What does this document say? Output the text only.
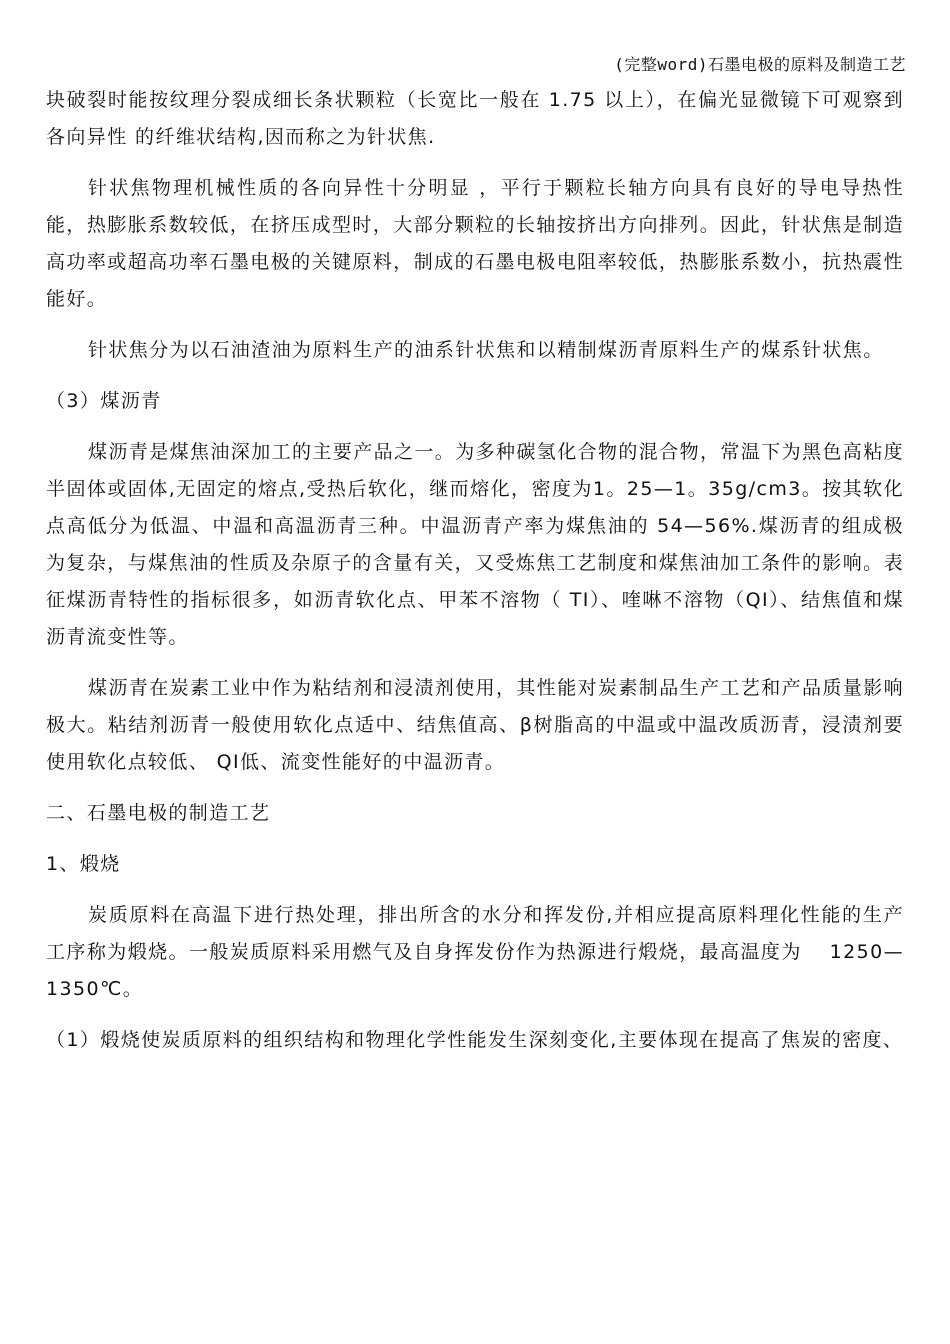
(完整word)石墨电极的原料及制造工艺

块破裂时能按纹理分裂成细长条状颗粒（长宽比一般在 1.75 以上），在偏光显微镜下可观察到各向异性 的纤维状结构,因而称之为针状焦.

针状焦物理机械性质的各向异性十分明显 ，平行于颗粒长轴方向具有良好的导电导热性能，热膨胀系数较低，在挤压成型时，大部分颗粒的长轴按挤出方向排列。因此，针状焦是制造高功率或超高功率石墨电极的关键原料，制成的石墨电极电阻率较低，热膨胀系数小，抗热震性能好。

针状焦分为以石油渣油为原料生产的油系针状焦和以精制煤沥青原料生产的煤系针状焦。

（3）煤沥青

煤沥青是煤焦油深加工的主要产品之一。为多种碳氢化合物的混合物，常温下为黑色高粘度半固体或固体,无固定的熔点,受热后软化，继而熔化，密度为1。25—1。35g/cm3。按其软化点高低分为低温、中温和高温沥青三种。中温沥青产率为煤焦油的 54—56%.煤沥青的组成极为复杂，与煤焦油的性质及杂原子的含量有关，又受炼焦工艺制度和煤焦油加工条件的影响。表征煤沥青特性的指标很多，如沥青软化点、甲苯不溶物（ TI）、喹啉不溶物（QI）、结焦值和煤沥青流变性等。

煤沥青在炭素工业中作为粘结剂和浸渍剂使用，其性能对炭素制品生产工艺和产品质量影响极大。粘结剂沥青一般使用软化点适中、结焦值高、β树脂高的中温或中温改质沥青，浸渍剂要使用软化点较低、 QI低、流变性能好的中温沥青。

二、石墨电极的制造工艺

1、煅烧

炭质原料在高温下进行热处理，排出所含的水分和挥发份,并相应提高原料理化性能的生产工序称为煅烧。一般炭质原料采用燃气及自身挥发份作为热源进行煅烧，最高温度为　 1250—1350℃。

（1）煅烧使炭质原料的组织结构和物理化学性能发生深刻变化,主要体现在提高了焦炭的密度、
